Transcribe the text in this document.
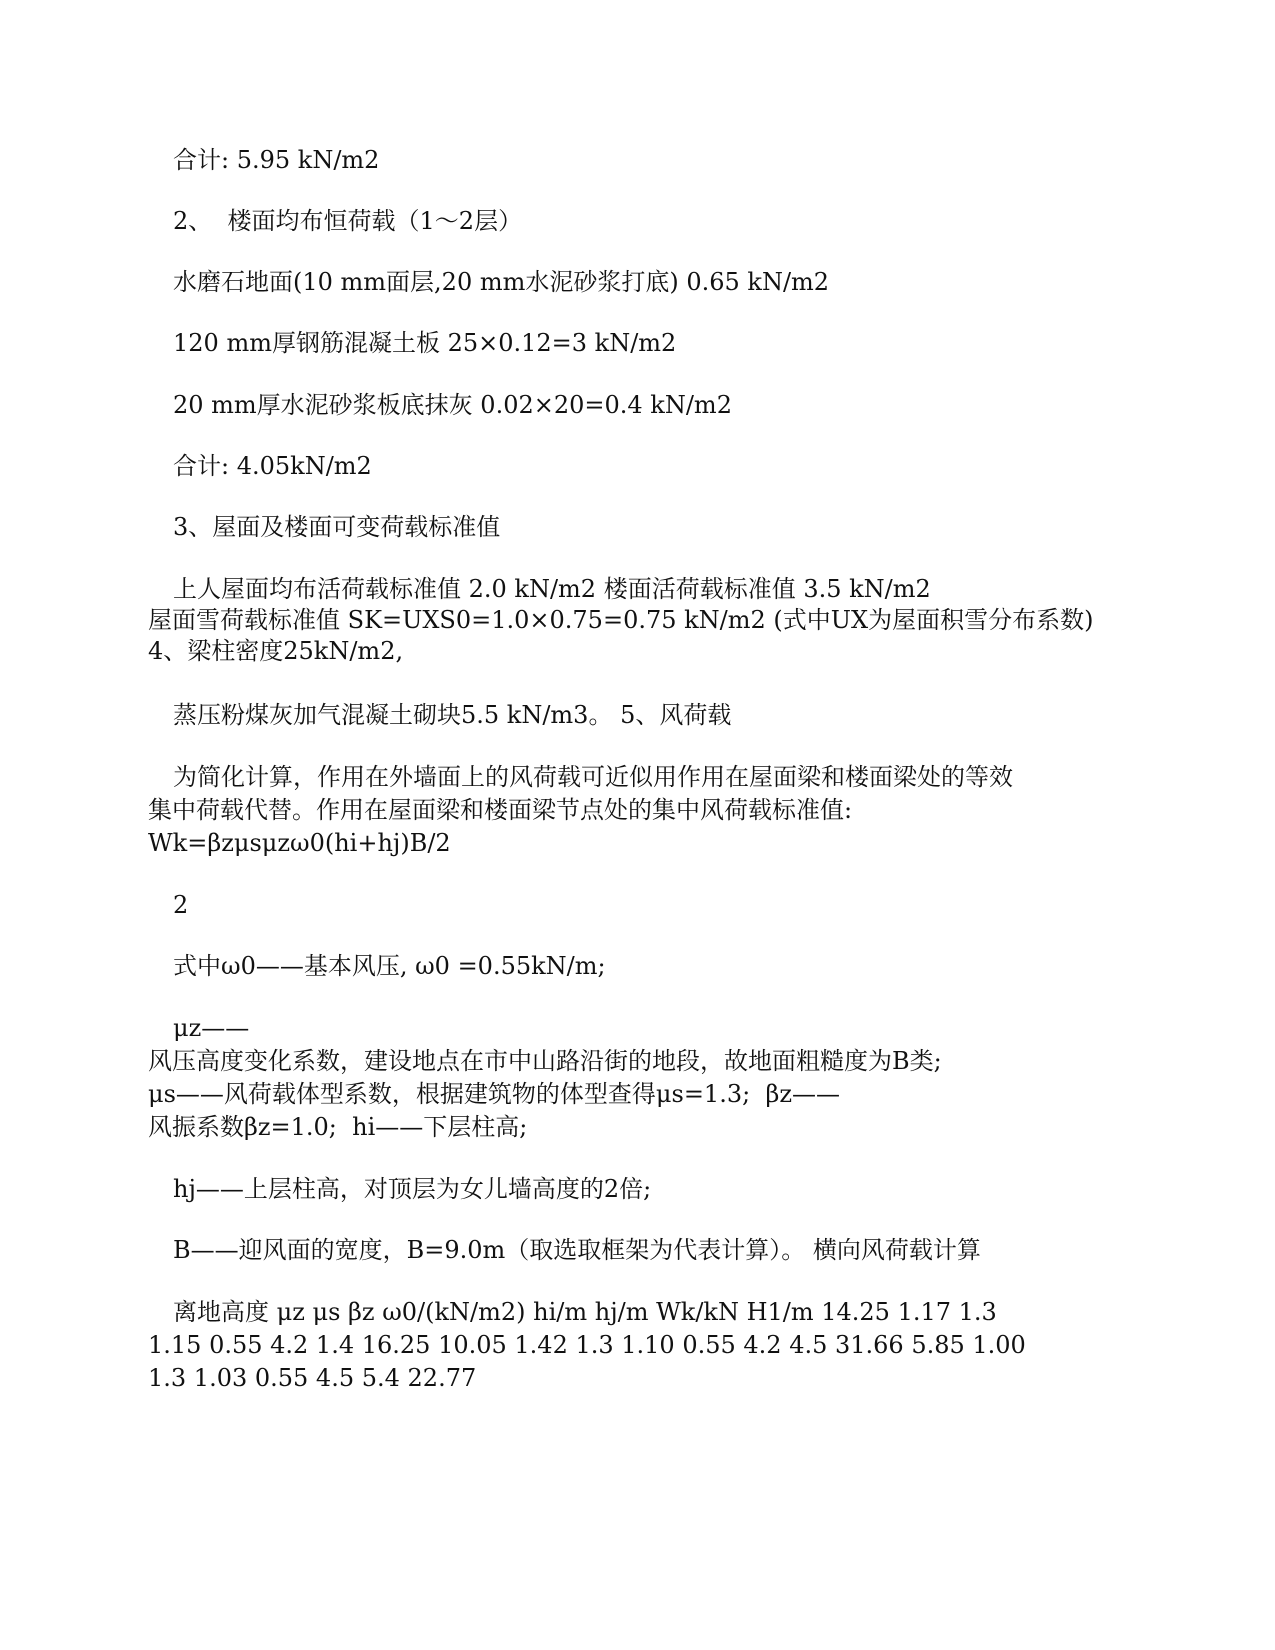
合计: 5.95 kN/m2
2、  楼面均布恒荷载（1～2层）
水磨石地面(10 mm面层,20 mm水泥砂浆打底) 0.65 kN/m2
120 mm厚钢筋混凝土板 25×0.12=3 kN/m2
20 mm厚水泥砂浆板底抹灰 0.02×20=0.4 kN/m2
合计: 4.05kN/m2
3、屋面及楼面可变荷载标准值
上人屋面均布活荷载标准值 2.0 kN/m2 楼面活荷载标准值 3.5 kN/m2
屋面雪荷载标准值 SK=UXS0=1.0×0.75=0.75 kN/m2 (式中UX为屋面积雪分布系数)
4、梁柱密度25kN/m2,
蒸压粉煤灰加气混凝土砌块5.5 kN/m3。 5、风荷载
为简化计算，作用在外墙面上的风荷载可近似用作用在屋面梁和楼面梁处的等效
集中荷载代替。作用在屋面梁和楼面梁节点处的集中风荷载标准值:
Wk=βzμsμzω0(hi+hj)B/2
2
式中ω0——基本风压, ω0 =0.55kN/m;
μz——
风压高度变化系数，建设地点在市中山路沿街的地段，故地面粗糙度为B类;
μs——风荷载体型系数，根据建筑物的体型查得μs=1.3;  βz——
风振系数βz=1.0;  hi——下层柱高;
hj——上层柱高，对顶层为女儿墙高度的2倍;
B——迎风面的宽度，B=9.0m（取选取框架为代表计算）。 横向风荷载计算
离地高度 μz μs βz ω0/(kN/m2) hi/m hj/m Wk/kN H1/m 14.25 1.17 1.3
1.15 0.55 4.2 1.4 16.25 10.05 1.42 1.3 1.10 0.55 4.2 4.5 31.66 5.85 1.00
1.3 1.03 0.55 4.5 5.4 22.77
